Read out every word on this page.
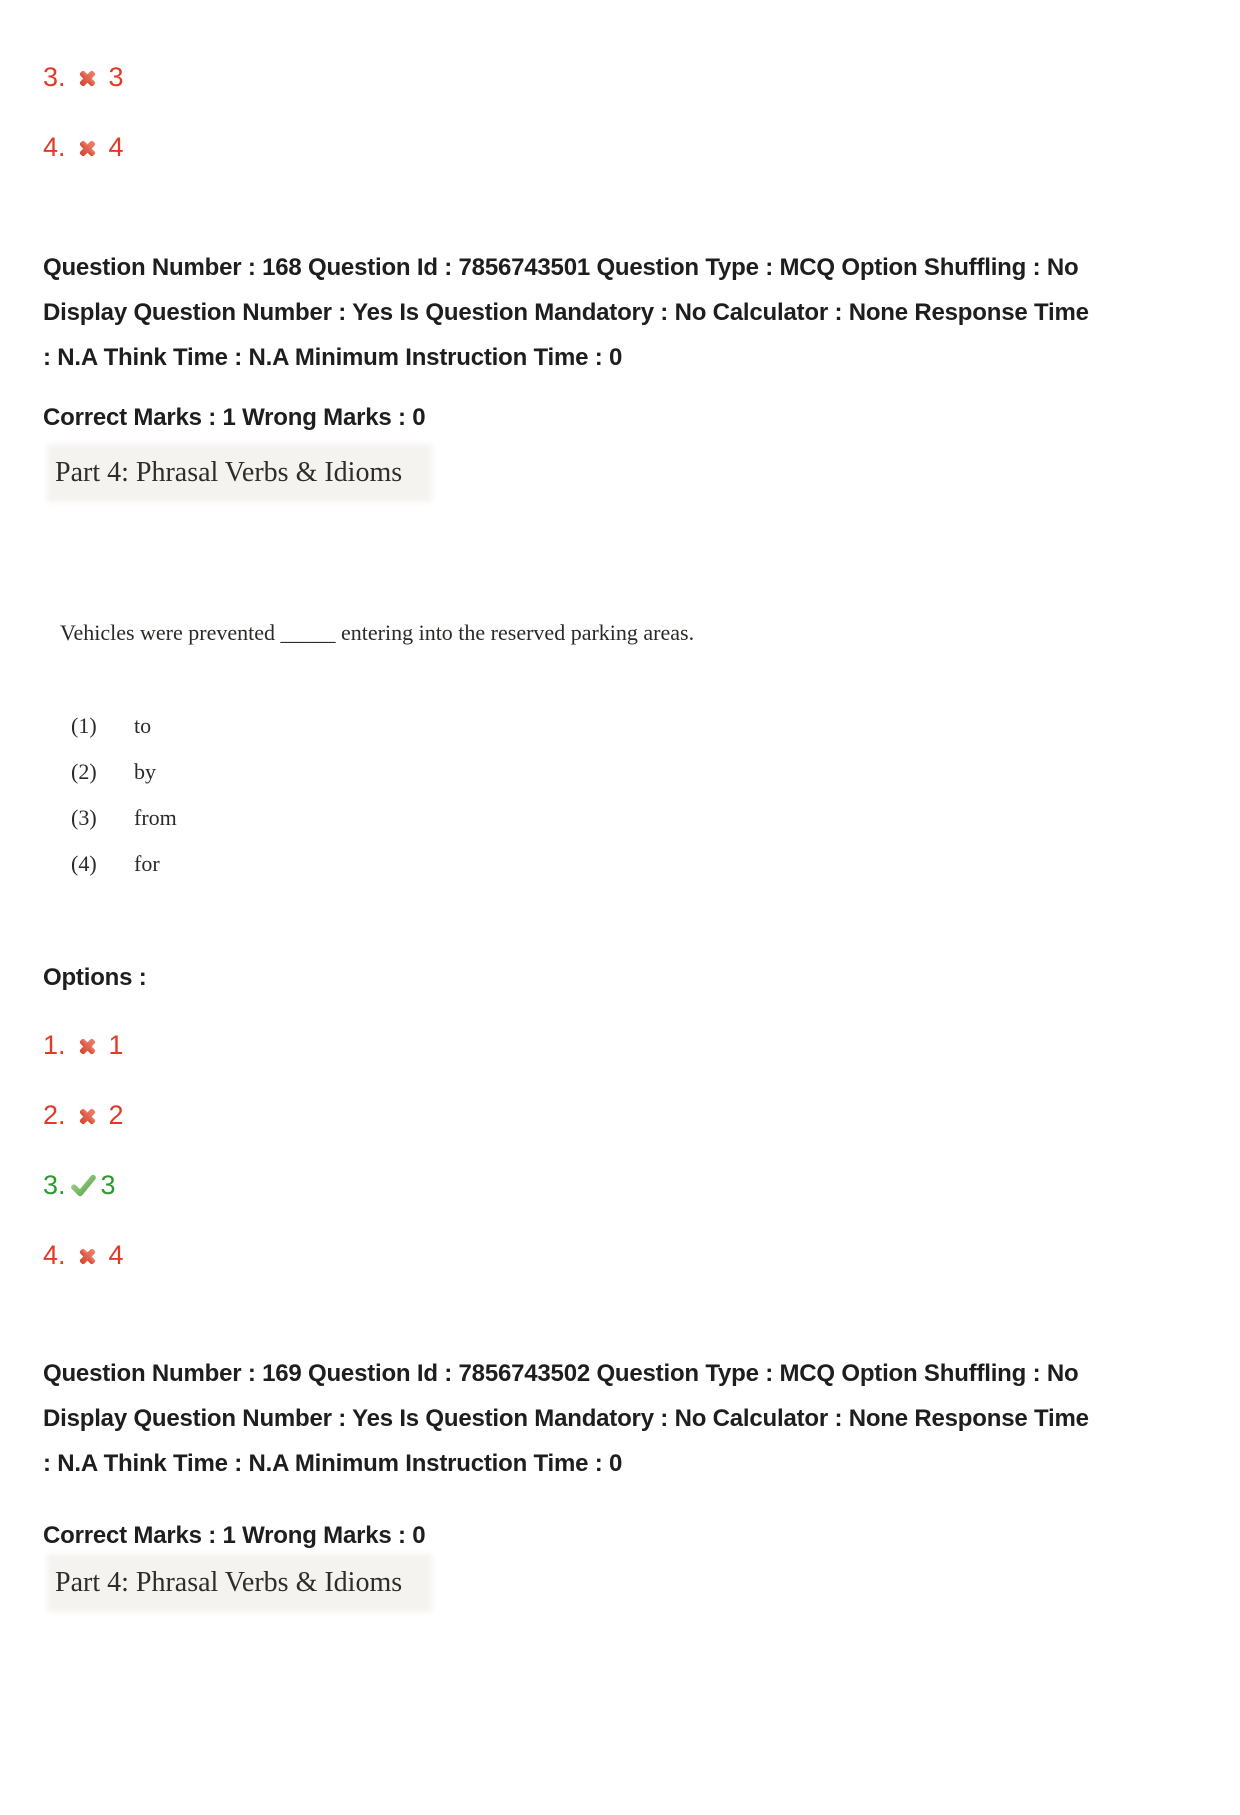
3. 3
4. 4
Question Number : 168 Question Id : 7856743501 Question Type : MCQ Option Shuffling : No
Display Question Number : Yes Is Question Mandatory : No Calculator : None Response Time
: N.A Think Time : N.A Minimum Instruction Time : 0
Correct Marks : 1 Wrong Marks : 0
Part 4: Phrasal Verbs & Idioms
Vehicles were prevented _____ entering into the reserved parking areas.
(1)	to
(2)	by
(3)	from
(4)	for
Options :
1. 1
2. 2
3. 3
4. 4
Question Number : 169 Question Id : 7856743502 Question Type : MCQ Option Shuffling : No
Display Question Number : Yes Is Question Mandatory : No Calculator : None Response Time
: N.A Think Time : N.A Minimum Instruction Time : 0
Correct Marks : 1 Wrong Marks : 0
Part 4: Phrasal Verbs & Idioms
